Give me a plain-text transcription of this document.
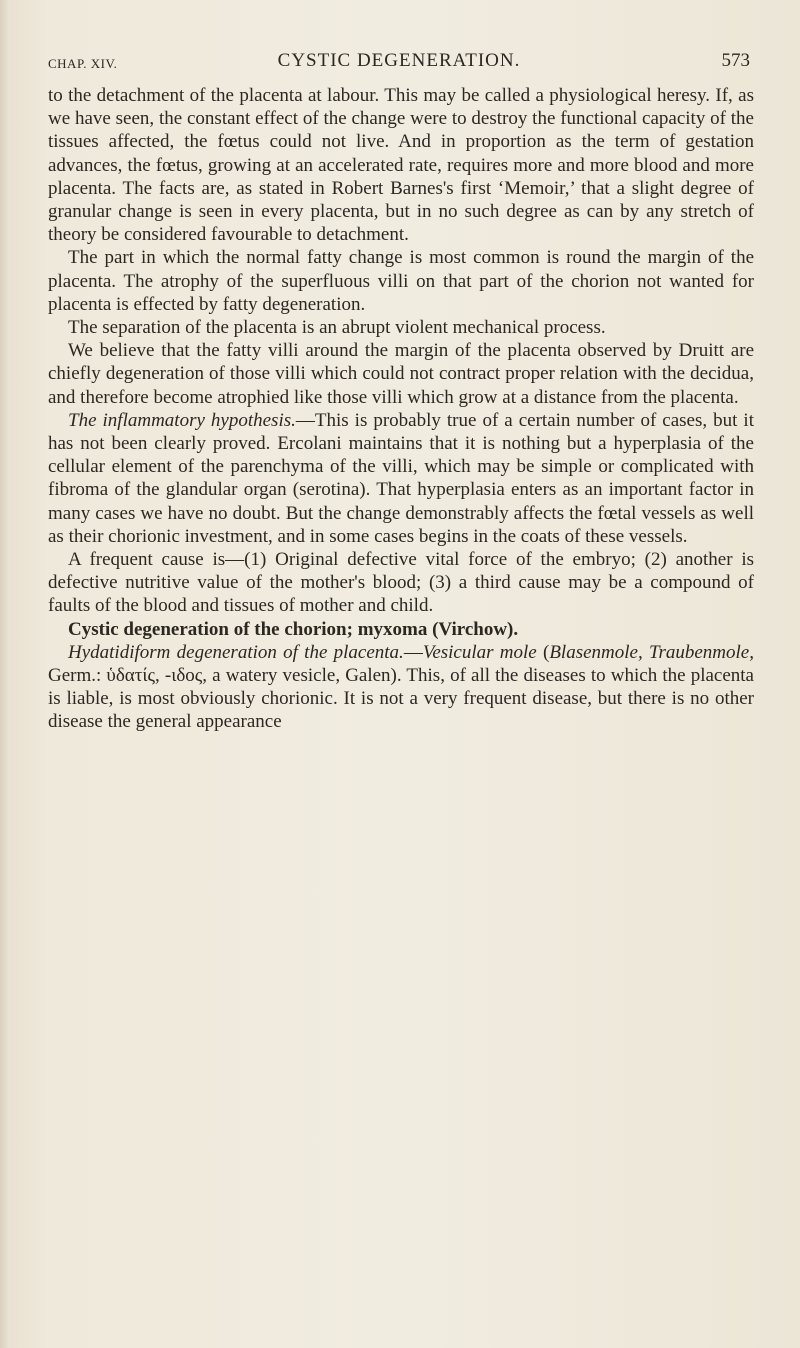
CHAP. XIV.	CYSTIC DEGENERATION.	573

to the detachment of the placenta at labour. This may be called a physiological heresy. If, as we have seen, the constant effect of the change were to destroy the functional capacity of the tissues affected, the fœtus could not live. And in proportion as the term of gestation advances, the fœtus, growing at an accelerated rate, requires more and more blood and more placenta. The facts are, as stated in Robert Barnes's first ‘Memoir,’ that a slight degree of granular change is seen in every placenta, but in no such degree as can by any stretch of theory be considered favourable to detachment.

The part in which the normal fatty change is most common is round the margin of the placenta. The atrophy of the superfluous villi on that part of the chorion not wanted for placenta is effected by fatty degeneration.

The separation of the placenta is an abrupt violent mechanical process.

We believe that the fatty villi around the margin of the placenta observed by Druitt are chiefly degeneration of those villi which could not contract proper relation with the decidua, and therefore become atrophied like those villi which grow at a distance from the placenta.

The inflammatory hypothesis.—This is probably true of a certain number of cases, but it has not been clearly proved. Ercolani maintains that it is nothing but a hyperplasia of the cellular element of the parenchyma of the villi, which may be simple or complicated with fibroma of the glandular organ (serotina). That hyperplasia enters as an important factor in many cases we have no doubt. But the change demonstrably affects the fœtal vessels as well as their chorionic investment, and in some cases begins in the coats of these vessels.

A frequent cause is—(1) Original defective vital force of the embryo; (2) another is defective nutritive value of the mother's blood; (3) a third cause may be a compound of faults of the blood and tissues of mother and child.

Cystic degeneration of the chorion; myxoma (Virchow).

Hydatidiform degeneration of the placenta.—Vesicular mole (Blasenmole, Traubenmole, Germ.: ὑδατίς, -ιδος, a watery vesicle, Galen). This, of all the diseases to which the placenta is liable, is most obviously chorionic. It is not a very frequent disease, but there is no other disease the general appearance
